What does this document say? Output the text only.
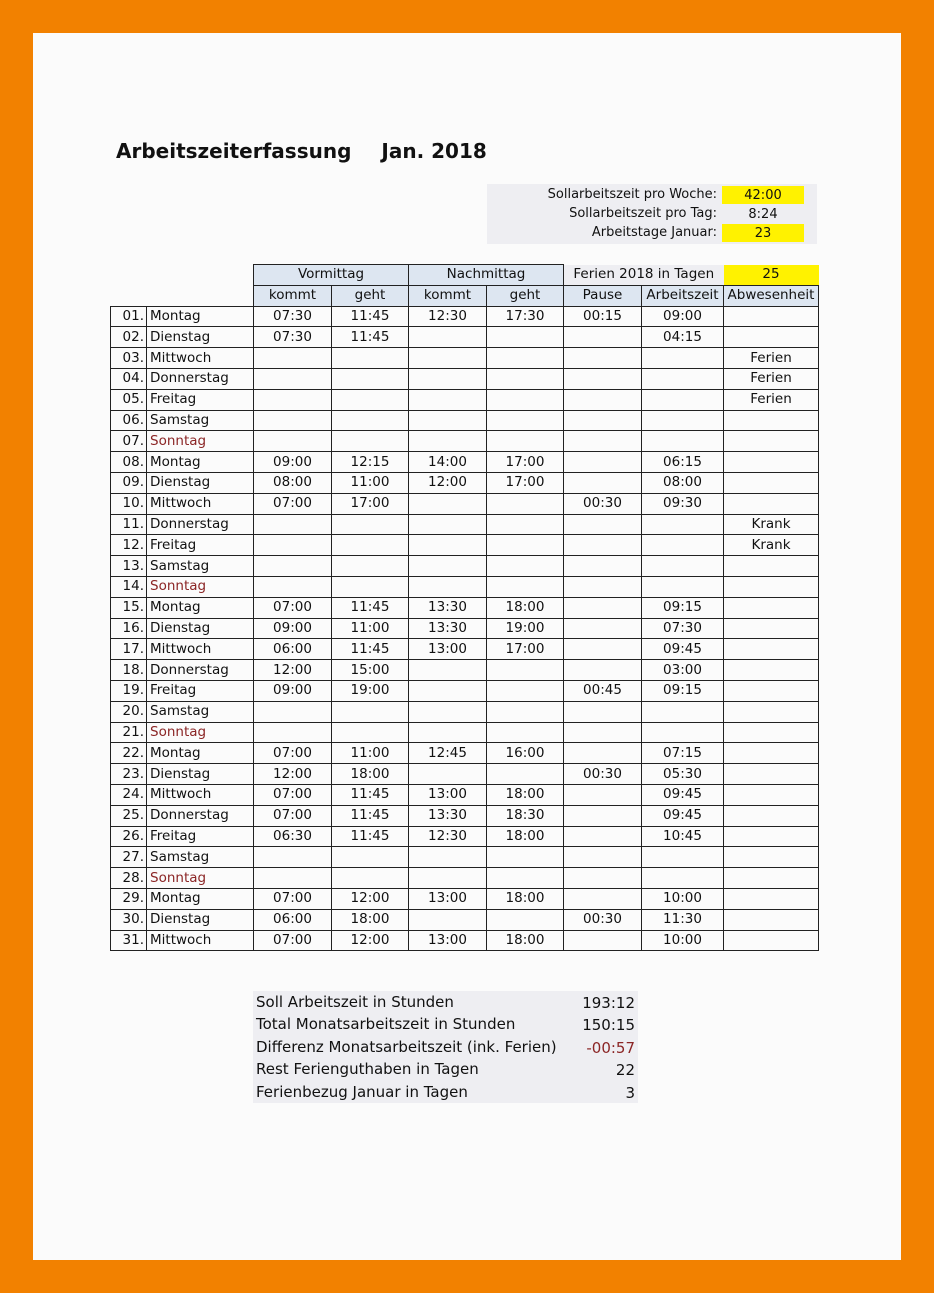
Arbeitszeiterfassung Jan. 2018
Sollarbeitszeit pro Woche:	42:00
Sollarbeitszeit pro Tag:	8:24
Arbeitstage Januar:	23
		Vormittag		Nachmittag		Ferien 2018 in Tagen		25
		kommt	geht	kommt	geht	Pause	Arbeitszeit	Abwesenheit
01.	Montag	07:30	11:45	12:30	17:30	00:15	09:00	
02.	Dienstag	07:30	11:45				04:15	
03.	Mittwoch							Ferien
04.	Donnerstag							Ferien
05.	Freitag							Ferien
06.	Samstag							
07.	Sonntag							
08.	Montag	09:00	12:15	14:00	17:00		06:15	
09.	Dienstag	08:00	11:00	12:00	17:00		08:00	
10.	Mittwoch	07:00	17:00			00:30	09:30	
11.	Donnerstag							Krank
12.	Freitag							Krank
13.	Samstag							
14.	Sonntag							
15.	Montag	07:00	11:45	13:30	18:00		09:15	
16.	Dienstag	09:00	11:00	13:30	19:00		07:30	
17.	Mittwoch	06:00	11:45	13:00	17:00		09:45	
18.	Donnerstag	12:00	15:00				03:00	
19.	Freitag	09:00	19:00			00:45	09:15	
20.	Samstag							
21.	Sonntag							
22.	Montag	07:00	11:00	12:45	16:00		07:15	
23.	Dienstag	12:00	18:00			00:30	05:30	
24.	Mittwoch	07:00	11:45	13:00	18:00		09:45	
25.	Donnerstag	07:00	11:45	13:30	18:30		09:45	
26.	Freitag	06:30	11:45	12:30	18:00		10:45	
27.	Samstag							
28.	Sonntag							
29.	Montag	07:00	12:00	13:00	18:00		10:00	
30.	Dienstag	06:00	18:00			00:30	11:30	
31.	Mittwoch	07:00	12:00	13:00	18:00		10:00	
Soll Arbeitszeit in Stunden	193:12
Total Monatsarbeitszeit in Stunden	150:15
Differenz Monatsarbeitszeit (ink. Ferien) -00:57
Rest Ferienguthaben in Tagen	22
Ferienbezug Januar in Tagen	3
